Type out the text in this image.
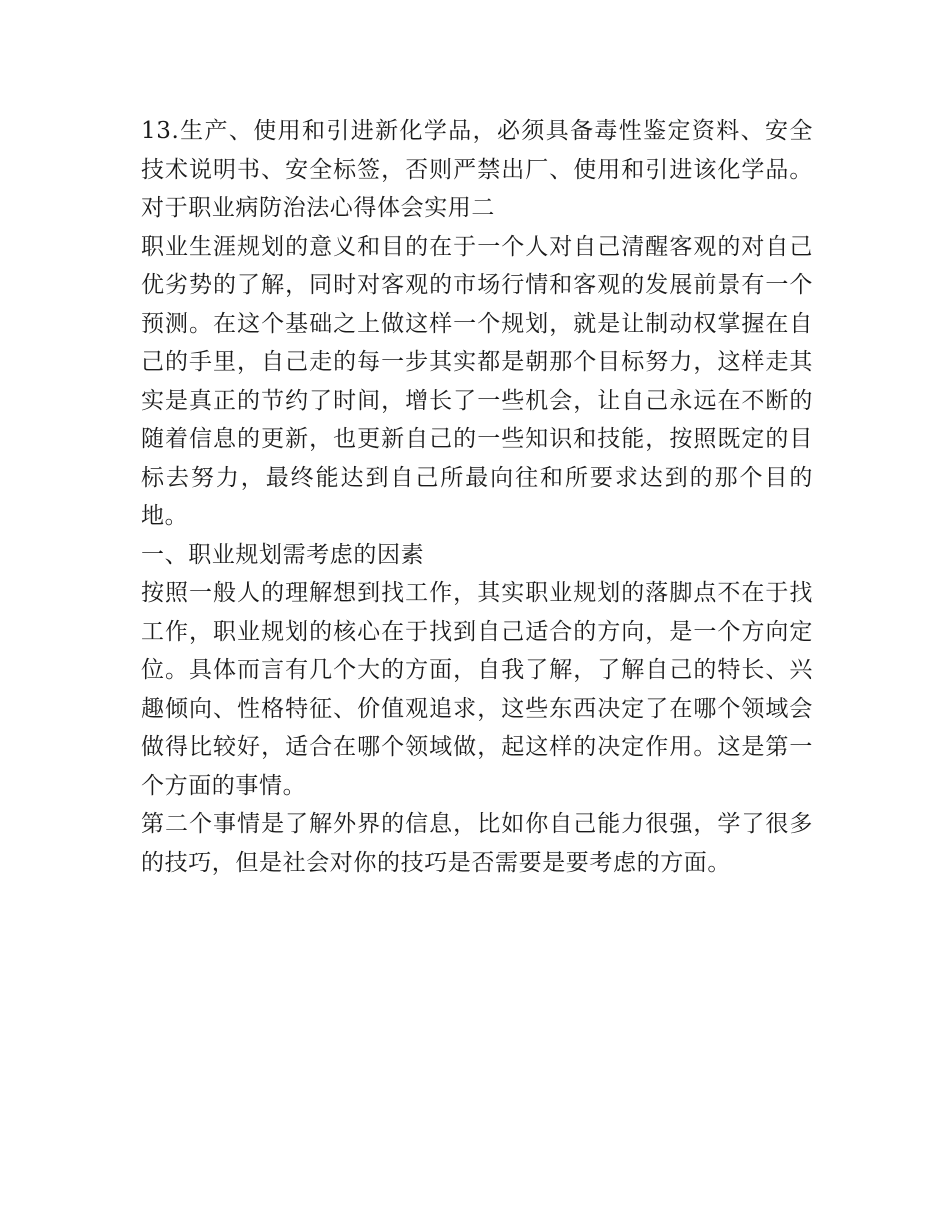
13.生产、使用和引进新化学品，必须具备毒性鉴定资料、安全技术说明书、安全标签，否则严禁出厂、使用和引进该化学品。 对于职业病防治法心得体会实用二

职业生涯规划的意义和目的在于一个人对自己清醒客观的对自己优劣势的了解，同时对客观的市场行情和客观的发展前景有一个预测。在这个基础之上做这样一个规划，就是让制动权掌握在自己的手里，自己走的每一步其实都是朝那个目标努力，这样走其实是真正的节约了时间，增长了一些机会，让自己永远在不断的随着信息的更新，也更新自己的一些知识和技能，按照既定的目标去努力，最终能达到自己所最向往和所要求达到的那个目的地。

一、职业规划需考虑的因素

按照一般人的理解想到找工作，其实职业规划的落脚点不在于找工作，职业规划的核心在于找到自己适合的方向，是一个方向定位。具体而言有几个大的方面，自我了解，了解自己的特长、兴趣倾向、性格特征、价值观追求，这些东西决定了在哪个领域会做得比较好，适合在哪个领域做，起这样的决定作用。这是第一个方面的事情。

第二个事情是了解外界的信息，比如你自己能力很强，学了很多的技巧，但是社会对你的技巧是否需要是要考虑的方面。
